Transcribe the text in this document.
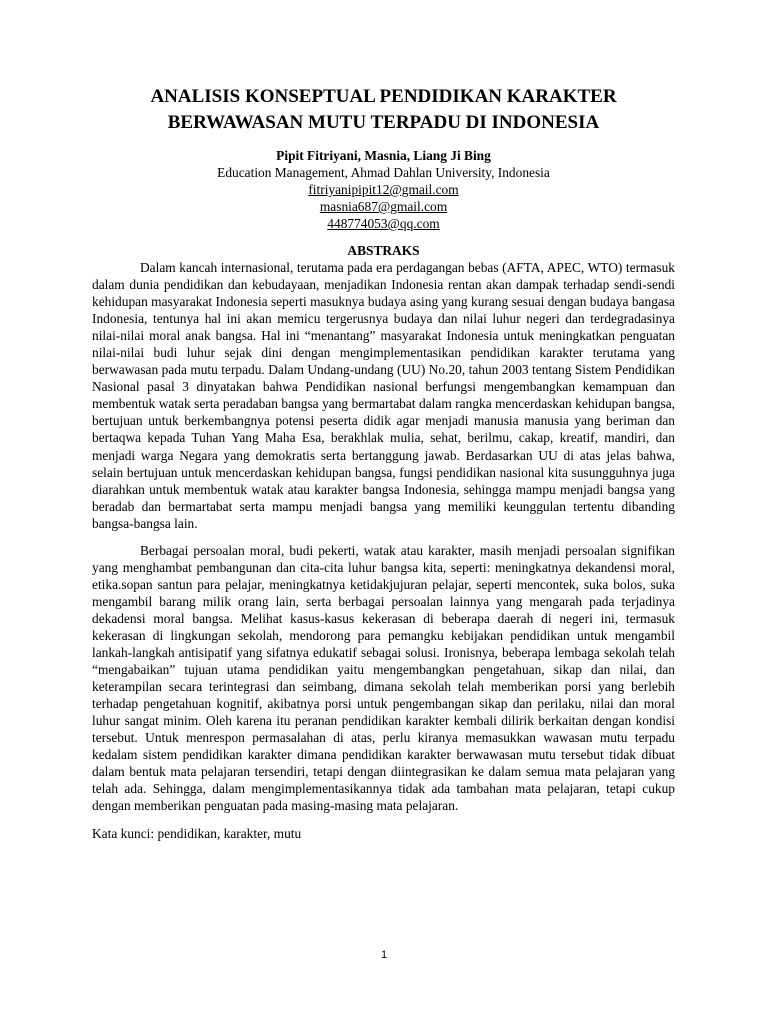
ANALISIS KONSEPTUAL PENDIDIKAN KARAKTER
BERWAWASAN MUTU TERPADU DI INDONESIA
Pipit Fitriyani, Masnia, Liang Ji Bing
Education Management, Ahmad Dahlan University, Indonesia
fitriyanipipit12@gmail.com
masnia687@gmail.com
448774053@qq.com
ABSTRAKS

Dalam kancah internasional, terutama pada era perdagangan bebas (AFTA, APEC, WTO) termasuk dalam dunia pendidikan dan kebudayaan, menjadikan Indonesia rentan akan dampak terhadap sendi-sendi kehidupan masyarakat Indonesia seperti masuknya budaya asing yang kurang sesuai dengan budaya bangasa Indonesia, tentunya hal ini akan memicu tergerusnya budaya dan nilai luhur negeri dan terdegradasinya nilai-nilai moral anak bangsa. Hal ini “menantang” masyarakat Indonesia untuk meningkatkan penguatan nilai-nilai budi luhur sejak dini dengan mengimplementasikan pendidikan karakter terutama yang berwawasan pada mutu terpadu. Dalam Undang-undang (UU) No.20, tahun 2003 tentang Sistem Pendidikan Nasional pasal 3 dinyatakan bahwa Pendidikan nasional berfungsi mengembangkan kemampuan dan membentuk watak serta peradaban bangsa yang bermartabat dalam rangka mencerdaskan kehidupan bangsa, bertujuan untuk berkembangnya potensi peserta didik agar menjadi manusia manusia yang beriman dan bertaqwa kepada Tuhan Yang Maha Esa, berakhlak mulia, sehat, berilmu, cakap, kreatif, mandiri, dan menjadi warga Negara yang demokratis serta bertanggung jawab. Berdasarkan UU di atas jelas bahwa, selain bertujuan untuk mencerdaskan kehidupan bangsa, fungsi pendidikan nasional kita susungguhnya juga diarahkan untuk membentuk watak atau karakter bangsa Indonesia, sehingga mampu menjadi bangsa yang beradab dan bermartabat serta mampu menjadi bangsa yang memiliki keunggulan tertentu dibanding bangsa-bangsa lain.

Berbagai persoalan moral, budi pekerti, watak atau karakter, masih menjadi persoalan signifikan yang menghambat pembangunan dan cita-cita luhur bangsa kita, seperti: meningkatnya dekandensi moral, etika.sopan santun para pelajar, meningkatnya ketidakjujuran pelajar, seperti mencontek, suka bolos, suka mengambil barang milik orang lain, serta berbagai persoalan lainnya yang mengarah pada terjadinya dekadensi moral bangsa. Melihat kasus-kasus kekerasan di beberapa daerah di negeri ini, termasuk kekerasan di lingkungan sekolah, mendorong para pemangku kebijakan pendidikan untuk mengambil lankah-langkah antisipatif yang sifatnya edukatif sebagai solusi. Ironisnya, beberapa lembaga sekolah telah “mengabaikan” tujuan utama pendidikan yaitu mengembangkan pengetahuan, sikap dan nilai, dan keterampilan secara terintegrasi dan seimbang, dimana sekolah telah memberikan porsi yang berlebih terhadap pengetahuan kognitif, akibatnya porsi untuk pengembangan sikap dan perilaku, nilai dan moral luhur sangat minim. Oleh karena itu peranan pendidikan karakter kembali dilirik berkaitan dengan kondisi tersebut. Untuk menrespon permasalahan di atas, perlu kiranya memasukkan wawasan mutu terpadu kedalam sistem pendidikan karakter dimana pendidikan karakter berwawasan mutu tersebut tidak dibuat dalam bentuk mata pelajaran tersendiri, tetapi dengan diintegrasikan ke dalam semua mata pelajaran yang telah ada. Sehingga, dalam mengimplementasikannya tidak ada tambahan mata pelajaran, tetapi cukup dengan memberikan penguatan pada masing-masing mata pelajaran.

Kata kunci: pendidikan, karakter, mutu
1
